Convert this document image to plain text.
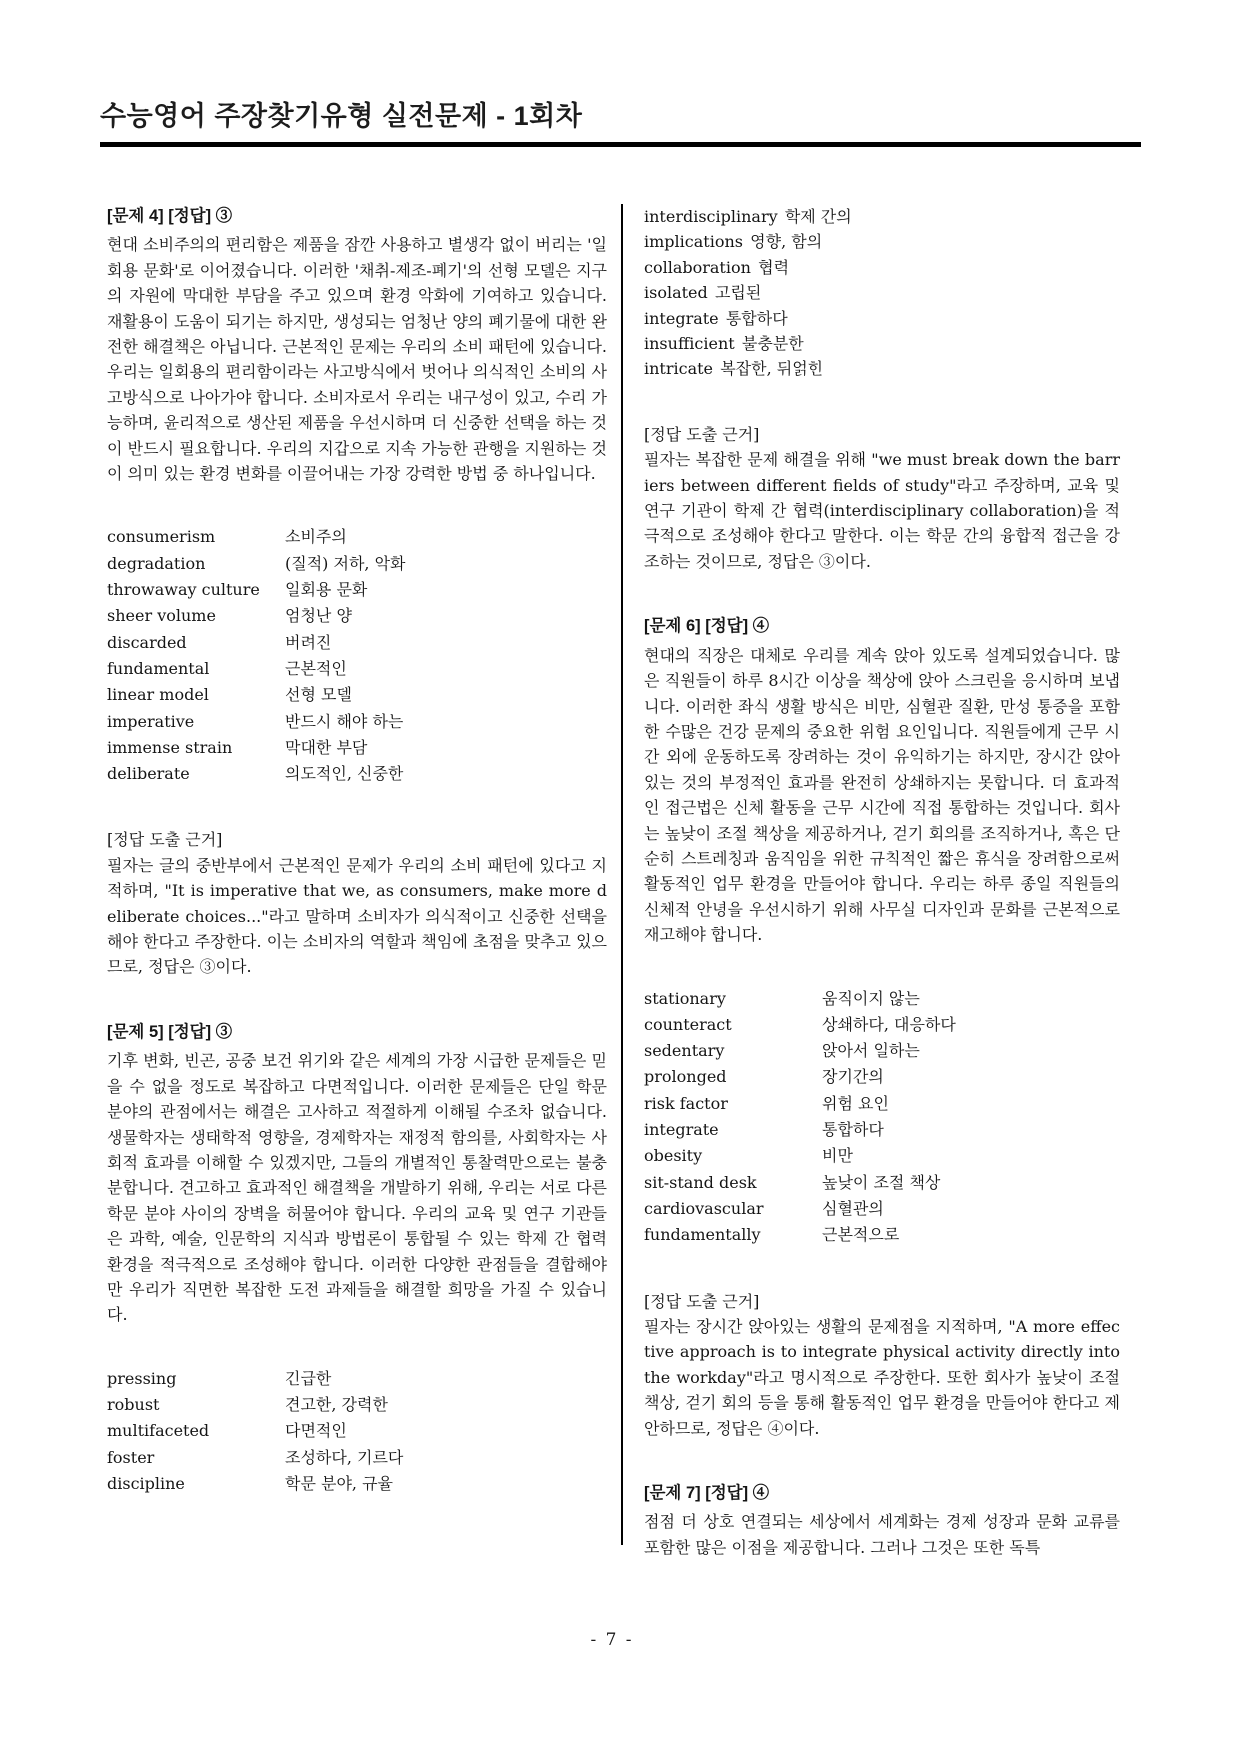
수능영어 주장찾기유형 실전문제 - 1회차
[문제 4] [정답] ③

현대 소비주의의 편리함은 제품을 잠깐 사용하고 별생각 없이 버리는 '일회용 문화'로 이어졌습니다. 이러한 '채취-제조-폐기'의 선형 모델은 지구의 자원에 막대한 부담을 주고 있으며 환경 악화에 기여하고 있습니다. 재활용이 도움이 되기는 하지만, 생성되는 엄청난 양의 폐기물에 대한 완전한 해결책은 아닙니다. 근본적인 문제는 우리의 소비 패턴에 있습니다. 우리는 일회용의 편리함이라는 사고방식에서 벗어나 의식적인 소비의 사고방식으로 나아가야 합니다. 소비자로서 우리는 내구성이 있고, 수리 가능하며, 윤리적으로 생산된 제품을 우선시하며 더 신중한 선택을 하는 것이 반드시 필요합니다. 우리의 지갑으로 지속 가능한 관행을 지원하는 것이 의미 있는 환경 변화를 이끌어내는 가장 강력한 방법 중 하나입니다.

consumerism	소비주의
degradation	(질적) 저하, 악화
throwaway culture	일회용 문화
sheer volume	엄청난 양
discarded	버려진
fundamental	근본적인
linear model	선형 모델
imperative	반드시 해야 하는
immense strain	막대한 부담
deliberate	의도적인, 신중한
[정답 도출 근거]

필자는 글의 중반부에서 근본적인 문제가 우리의 소비 패턴에 있다고 지적하며, "It is imperative that we, as consumers, make more deliberate choices..."라고 말하며 소비자가 의식적이고 신중한 선택을 해야 한다고 주장한다. 이는 소비자의 역할과 책임에 초점을 맞추고 있으므로, 정답은 ③이다.

[문제 5] [정답] ③

기후 변화, 빈곤, 공중 보건 위기와 같은 세계의 가장 시급한 문제들은 믿을 수 없을 정도로 복잡하고 다면적입니다. 이러한 문제들은 단일 학문 분야의 관점에서는 해결은 고사하고 적절하게 이해될 수조차 없습니다. 생물학자는 생태학적 영향을, 경제학자는 재정적 함의를, 사회학자는 사회적 효과를 이해할 수 있겠지만, 그들의 개별적인 통찰력만으로는 불충분합니다. 견고하고 효과적인 해결책을 개발하기 위해, 우리는 서로 다른 학문 분야 사이의 장벽을 허물어야 합니다. 우리의 교육 및 연구 기관들은 과학, 예술, 인문학의 지식과 방법론이 통합될 수 있는 학제 간 협력 환경을 적극적으로 조성해야 합니다. 이러한 다양한 관점들을 결합해야만 우리가 직면한 복잡한 도전 과제들을 해결할 희망을 가질 수 있습니다.

pressing	긴급한
robust	견고한, 강력한
multifaceted	다면적인
foster	조성하다, 기르다
discipline	학문 분야, 규율
interdisciplinary 학제 간의
implications 영향, 함의
collaboration 협력
isolated 고립된
integrate 통합하다
insufficient 불충분한
intricate 복잡한, 뒤얽힌
[정답 도출 근거]

필자는 복잡한 문제 해결을 위해 "we must break down the barriers between different fields of study"라고 주장하며, 교육 및 연구 기관이 학제 간 협력(interdisciplinary collaboration)을 적극적으로 조성해야 한다고 말한다. 이는 학문 간의 융합적 접근을 강조하는 것이므로, 정답은 ③이다.

[문제 6] [정답] ④

현대의 직장은 대체로 우리를 계속 앉아 있도록 설계되었습니다. 많은 직원들이 하루 8시간 이상을 책상에 앉아 스크린을 응시하며 보냅니다. 이러한 좌식 생활 방식은 비만, 심혈관 질환, 만성 통증을 포함한 수많은 건강 문제의 중요한 위험 요인입니다. 직원들에게 근무 시간 외에 운동하도록 장려하는 것이 유익하기는 하지만, 장시간 앉아 있는 것의 부정적인 효과를 완전히 상쇄하지는 못합니다. 더 효과적인 접근법은 신체 활동을 근무 시간에 직접 통합하는 것입니다. 회사는 높낮이 조절 책상을 제공하거나, 걷기 회의를 조직하거나, 혹은 단순히 스트레칭과 움직임을 위한 규칙적인 짧은 휴식을 장려함으로써 활동적인 업무 환경을 만들어야 합니다. 우리는 하루 종일 직원들의 신체적 안녕을 우선시하기 위해 사무실 디자인과 문화를 근본적으로 재고해야 합니다.

stationary	움직이지 않는
counteract	상쇄하다, 대응하다
sedentary	앉아서 일하는
prolonged	장기간의
risk factor	위험 요인
integrate	통합하다
obesity	비만
sit-stand desk	높낮이 조절 책상
cardiovascular	심혈관의
fundamentally	근본적으로
[정답 도출 근거]

필자는 장시간 앉아있는 생활의 문제점을 지적하며, "A more effective approach is to integrate physical activity directly into the workday"라고 명시적으로 주장한다. 또한 회사가 높낮이 조절 책상, 걷기 회의 등을 통해 활동적인 업무 환경을 만들어야 한다고 제안하므로, 정답은 ④이다.

[문제 7] [정답] ④

점점 더 상호 연결되는 세상에서 세계화는 경제 성장과 문화 교류를 포함한 많은 이점을 제공합니다. 그러나 그것은 또한 독특

- 7 -
